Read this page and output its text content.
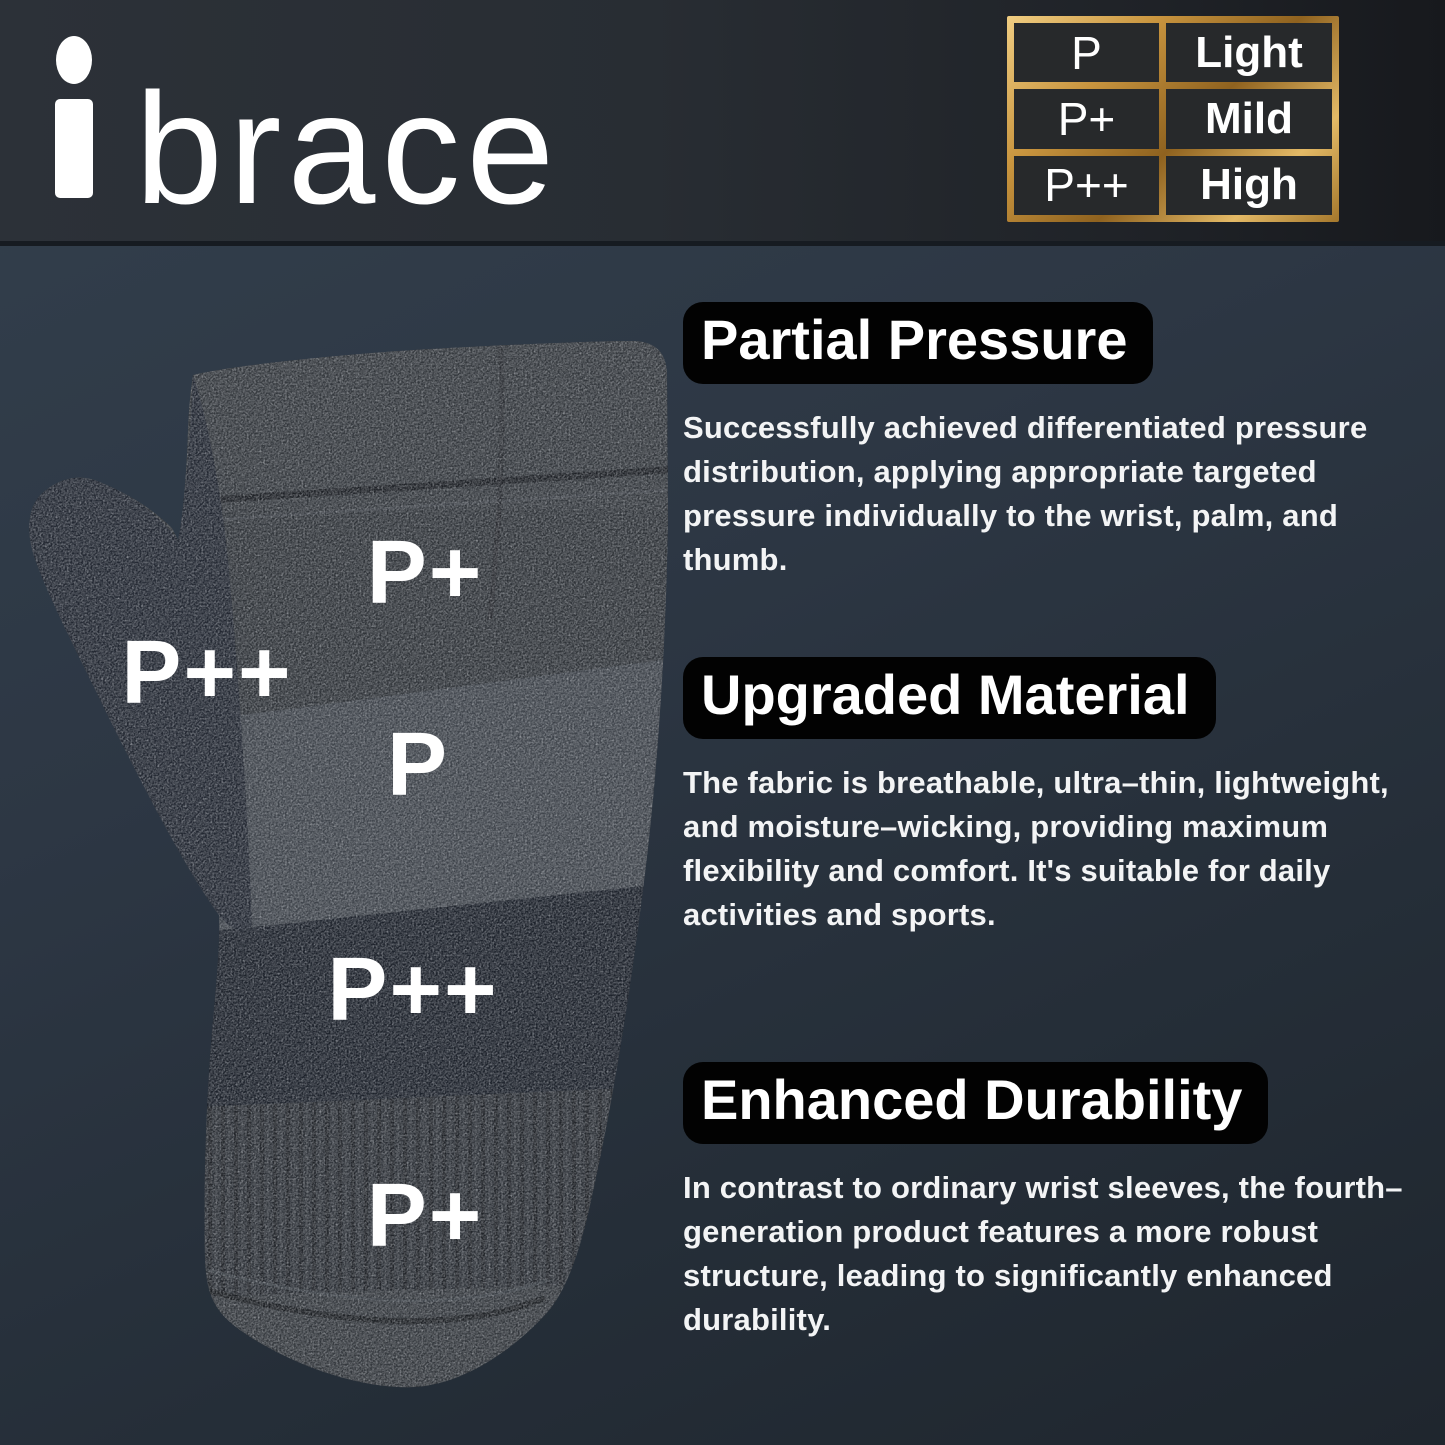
brace
P Light
P+ Mild
P++ High
P+
P++
P
P++
P+
Partial Pressure
Successfully achieved differentiated pressure distribution, applying appropriate targeted pressure individually to the wrist, palm, and thumb.
Upgraded Material
The fabric is breathable, ultra–thin, lightweight, and moisture–wicking, providing maximum flexibility and comfort. It's suitable for daily activities and sports.
Enhanced Durability
In contrast to ordinary wrist sleeves, the fourth–generation product features a more robust structure, leading to significantly enhanced durability.
